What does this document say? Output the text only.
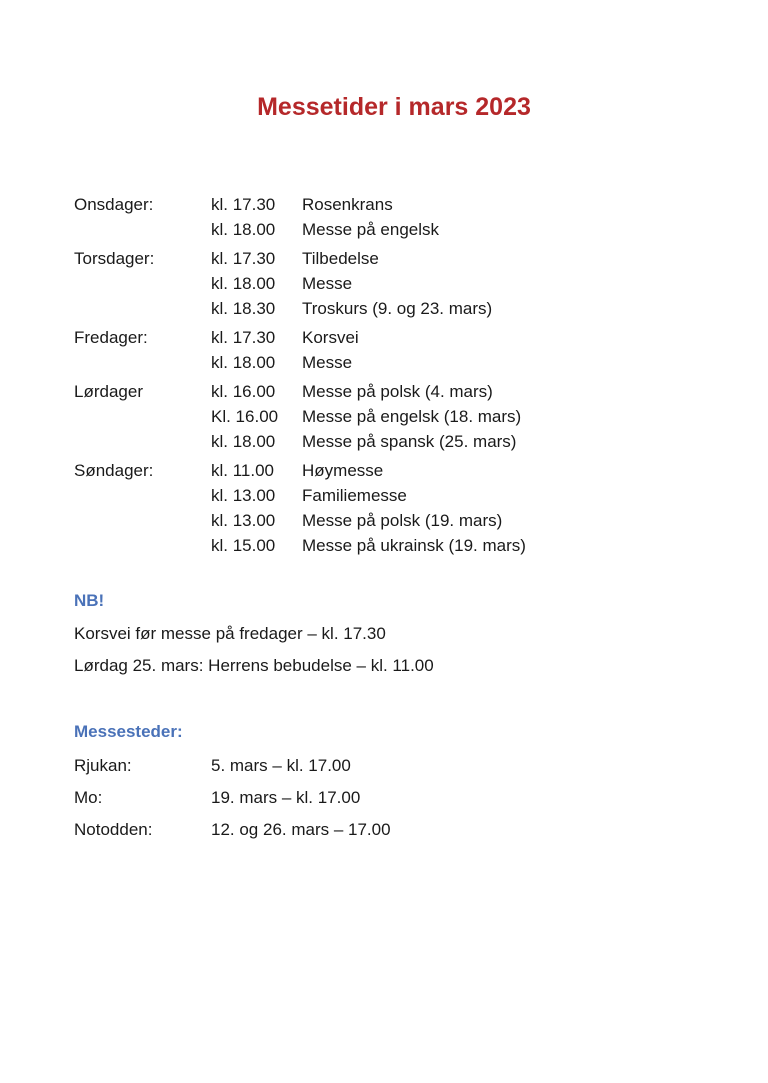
Messetider i mars 2023
Onsdager:	kl. 17.30 Rosenkrans
kl. 18.00 Messe på engelsk
Torsdager:	kl. 17.30 Tilbedelse
kl. 18.00 Messe
kl. 18.30 Troskurs (9. og 23. mars)
Fredager:	kl. 17.30 Korsvei
kl. 18.00 Messe
Lørdager	kl. 16.00 Messe på polsk (4. mars)
Kl. 16.00 Messe på engelsk (18. mars)
kl. 18.00 Messe på spansk (25. mars)
Søndager:	kl. 11.00 Høymesse
kl. 13.00 Familiemesse
kl. 13.00 Messe på polsk (19. mars)
kl. 15.00 Messe på ukrainsk (19. mars)
NB!
Korsvei før messe på fredager – kl. 17.30
Lørdag 25. mars: Herrens bebudelse – kl. 11.00
Messesteder:
Rjukan:	5. mars – kl. 17.00
Mo:	19. mars – kl. 17.00
Notodden:	12. og 26. mars – 17.00
